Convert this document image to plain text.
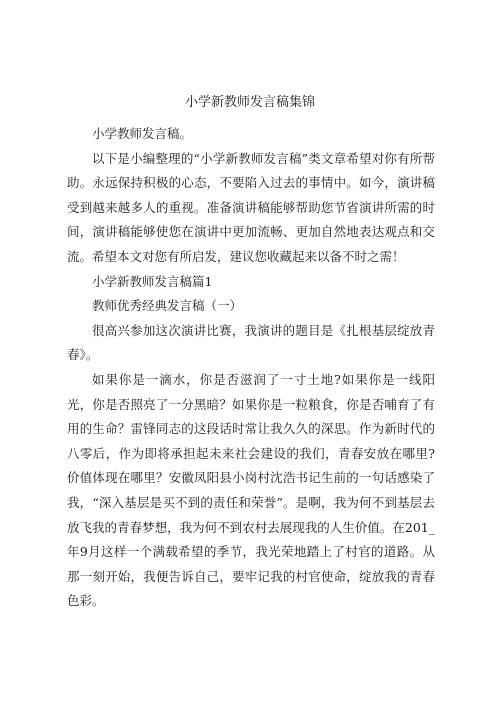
小学新教师发言稿集锦

小学教师发言稿。

以下是小编整理的“小学新教师发言稿”类文章希望对你有所帮助。永远保持积极的心态，不要陷入过去的事情中。如今，演讲稿受到越来越多人的重视。准备演讲稿能够帮助您节省演讲所需的时间，演讲稿能够使您在演讲中更加流畅、更加自然地表达观点和交流。希望本文对您有所启发，建议您收藏起来以备不时之需！

小学新教师发言稿篇1

教师优秀经典发言稿（一）

很高兴参加这次演讲比赛，我演讲的题目是《扎根基层绽放青春》。

如果你是一滴水，你是否滋润了一寸土地?如果你是一线阳光，你是否照亮了一分黑暗？如果你是一粒粮食，你是否哺育了有用的生命？雷锋同志的这段话时常让我久久的深思。作为新时代的八零后，作为即将承担起未来社会建设的我们，青春安放在哪里?价值体现在哪里？安徽凤阳县小岗村沈浩书记生前的一句话感染了我，“深入基层是买不到的责任和荣誉”。是啊，我为何不到基层去放飞我的青春梦想，我为何不到农村去展现我的人生价值。在201_年9月这样一个满载希望的季节，我光荣地踏上了村官的道路。从那一刻开始，我便告诉自己，要牢记我的村官使命，绽放我的青春色彩。
